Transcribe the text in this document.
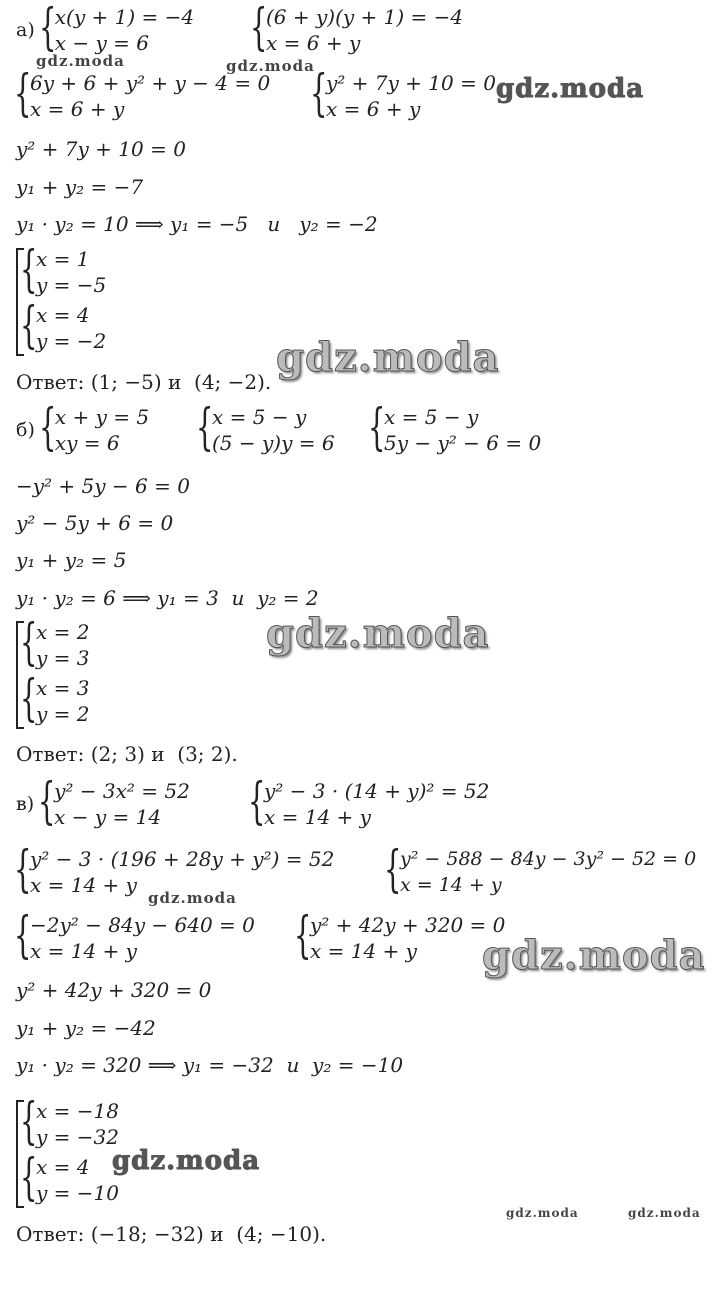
а) {
x(y + 1) = −4
x − y = 6	{
(6 + y)(y + 1) = −4
x = 6 + y
{
6y + 6 + y² + y − 4 = 0
x = 6 + y	{
y² + 7y + 10 = 0
x = 6 + y
y² + 7y + 10 = 0
y₁ + y₂ = −7
y₁ · y₂ = 10 ⟹ y₁ = −5   и   y₂ = −2
{
x = 1
y = −5
{
x = 4
y = −2
Ответ: (1; −5) и  (4; −2).
б) {
x + y = 5
xy = 6	{
x = 5 − y
(5 − y)y = 6 {
x = 5 − y
5y − y² − 6 = 0
−y² + 5y − 6 = 0
y² − 5y + 6 = 0
y₁ + y₂ = 5
y₁ · y₂ = 6 ⟹ y₁ = 3  и  y₂ = 2
{
x = 2
y = 3
{
x = 3
y = 2
Ответ: (2; 3) и  (3; 2).
в) {
y² − 3x² = 52
x − y = 14	{
y² − 3 · (14 + y)² = 52
x = 14 + y
{
y² − 3 · (196 + 28y + y²) = 52
x = 14 + y	{
y² − 588 − 84y − 3y² − 52 = 0
x = 14 + y
{
−2y² − 84y − 640 = 0
x = 14 + y	{
y² + 42y + 320 = 0
x = 14 + y
y² + 42y + 320 = 0
y₁ + y₂ = −42
y₁ · y₂ = 320 ⟹ y₁ = −32  и  y₂ = −10
{
x = −18
y = −32
{
x = 4
y = −10
Ответ: (−18; −32) и  (4; −10).
gdz.moda	gdz.moda
gdz.moda
gdz.moda
gdz.moda
gdz.moda
gdz.moda
gdz.moda
gdz.moda	gdz.moda
